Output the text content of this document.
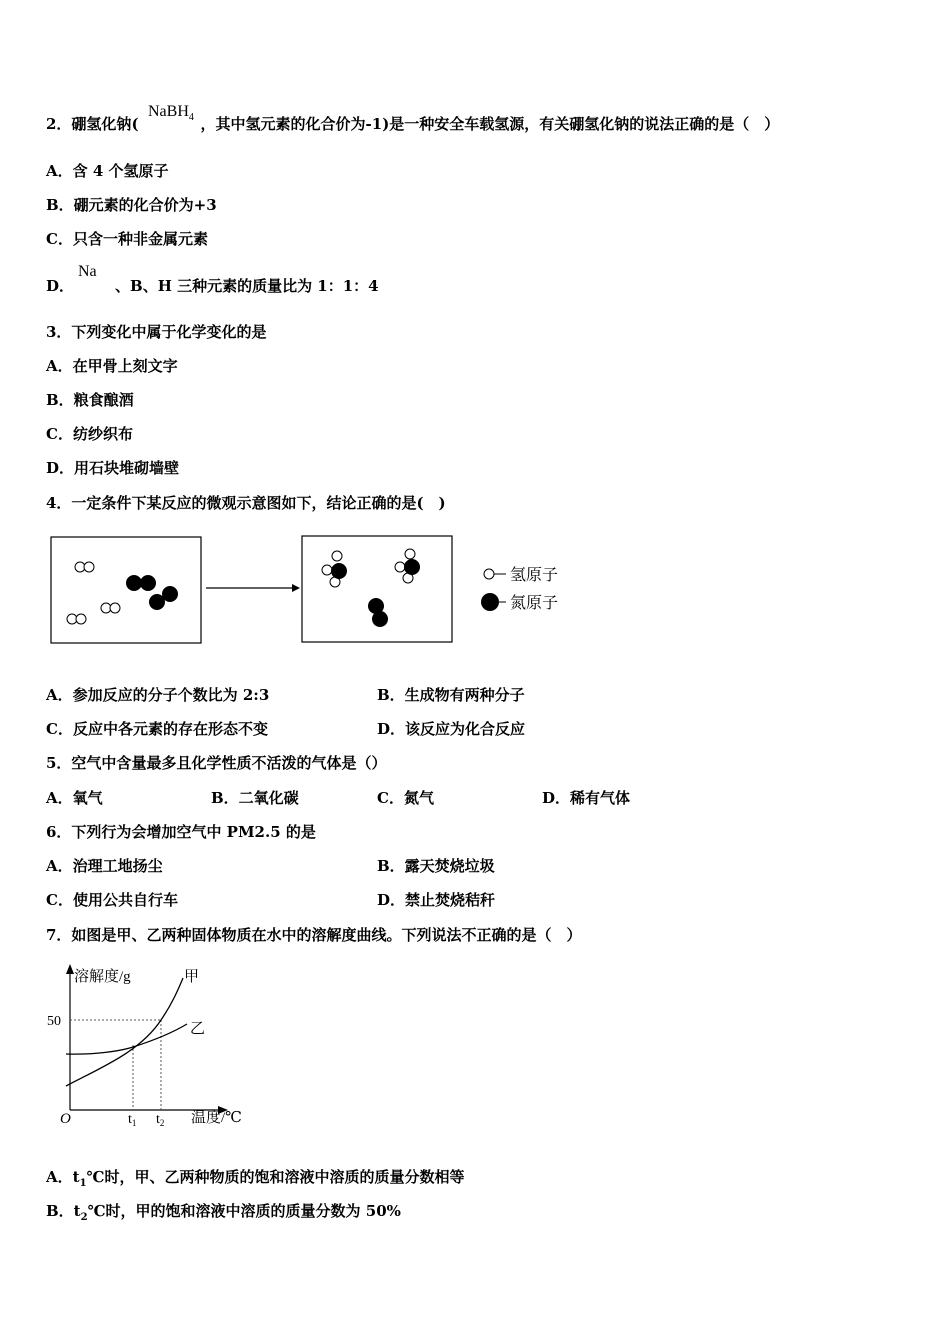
2．硼氢化钠(	，其中氢元素的化合价为-1)是一种安全车载氢源，有关硼氢化钠的说法正确的是（　）
NaBH$_4$
A．含 4 个氢原子
B．硼元素的化合价为+3
C．只含一种非金属元素
D．	、B、H 三种元素的质量比为 1：1：4
Na
3．下列变化中属于化学变化的是
A．在甲骨上刻文字
B．粮食酿酒
C．纺纱织布
D．用石块堆砌墙壁
4．一定条件下某反应的微观示意图如下，结论正确的是(　)
氢原子
氮原子
A．参加反应的分子个数比为 2:3	B．生成物有两种分子
C．反应中各元素的存在形态不变	D．该反应为化合反应
5．空气中含量最多且化学性质不活泼的气体是（）
A．氧气	B．二氧化碳	C．氮气	D．稀有气体
6．下列行为会增加空气中 PM2.5 的是
A．治理工地扬尘	B．露天焚烧垃圾
C．使用公共自行车	D．禁止焚烧秸秆
7．如图是甲、乙两种固体物质在水中的溶解度曲线。下列说法不正确的是（　）
溶解度/g
50
甲
乙
O	$t_1$ $t_2$ 温度/℃
A．$t_1℃$时，甲、乙两种物质的饱和溶液中溶质的质量分数相等
B．$t_2℃$时，甲的饱和溶液中溶质的质量分数为 50%
